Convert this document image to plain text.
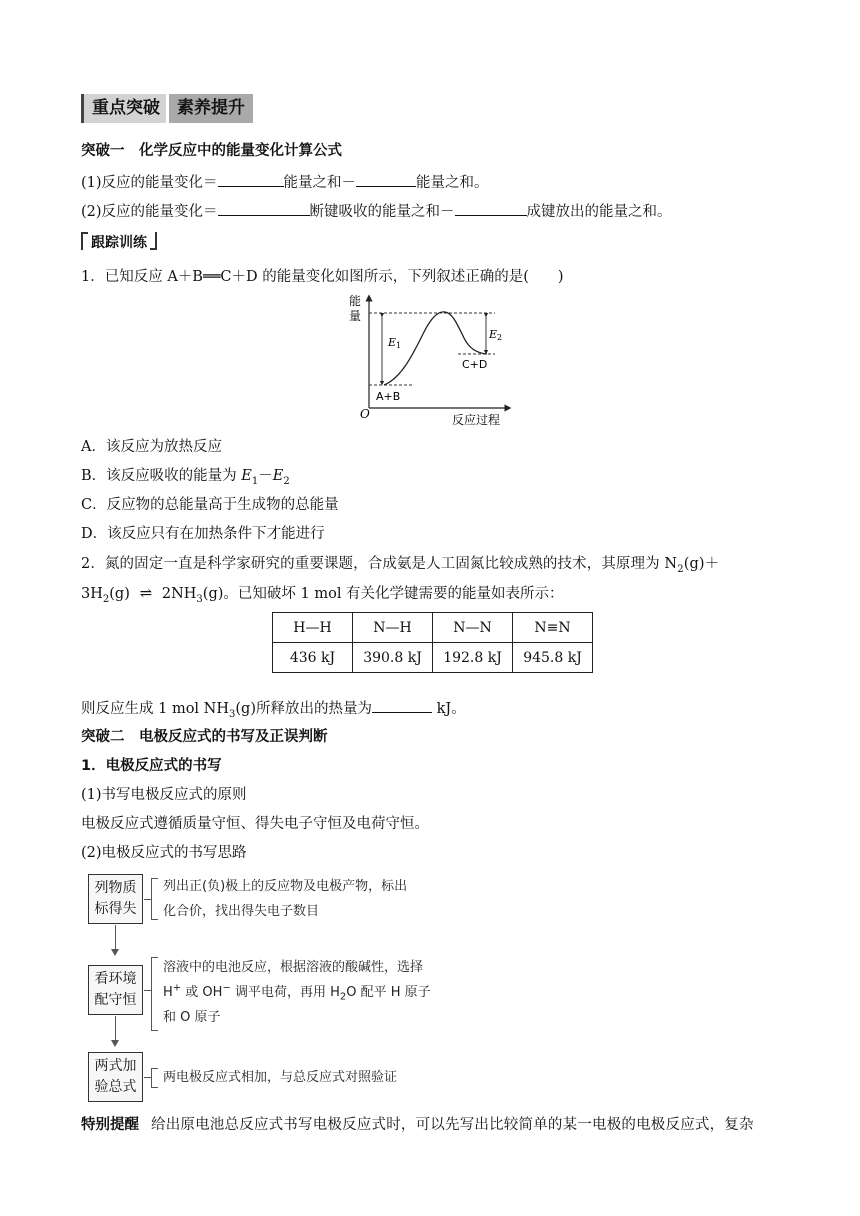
重点突破	素养提升
突破一　化学反应中的能量变化计算公式
(1)反应的能量变化＝	能量之和－	能量之和。
(2)反应的能量变化＝	断键吸收的能量之和－	成键放出的能量之和。
跟踪训练
1．已知反应 A＋B══C＋D 的能量变化如图所示，下列叙述正确的是(　　)
能
量
O	反应过程
E1
E2
A+B
C+D
A．该反应为放热反应
B．该反应吸收的能量为 $E_1-E_2$
C．反应物的总能量高于生成物的总能量
D．该反应只有在加热条件下才能进行
2．氮的固定一直是科学家研究的重要课题，合成氨是人工固氮比较成熟的技术，其原理为 $N_2(g)+$
$3H_2(g)$ ⇌ $2NH_3(g)$。已知破坏 1 mol 有关化学键需要的能量如表所示：
H—H	N—H	N—N	N≡N
436 kJ	390.8 kJ	192.8 kJ	945.8 kJ
则反应生成 1 mol $NH_3(g)$所释放出的热量为	kJ。
突破二　电极反应式的书写及正误判断
1．电极反应式的书写
(1)书写电极反应式的原则
电极反应式遵循质量守恒、得失电子守恒及电荷守恒。
(2)电极反应式的书写思路
列物质
标得失
列出正(负)极上的反应物及电极产物，标出
化合价，找出得失电子数目
看环境
配守恒
溶液中的电池反应，根据溶液的酸碱性，选择
H+ 或 OH− 调平电荷，再用 $H_2O$ 配平 H 原子
和 O 原子
两式加
验总式
两电极反应式相加，与总反应式对照验证
特别提醒 给出原电池总反应式书写电极反应式时，可以先写出比较简单的某一电极的电极反应式，复杂
